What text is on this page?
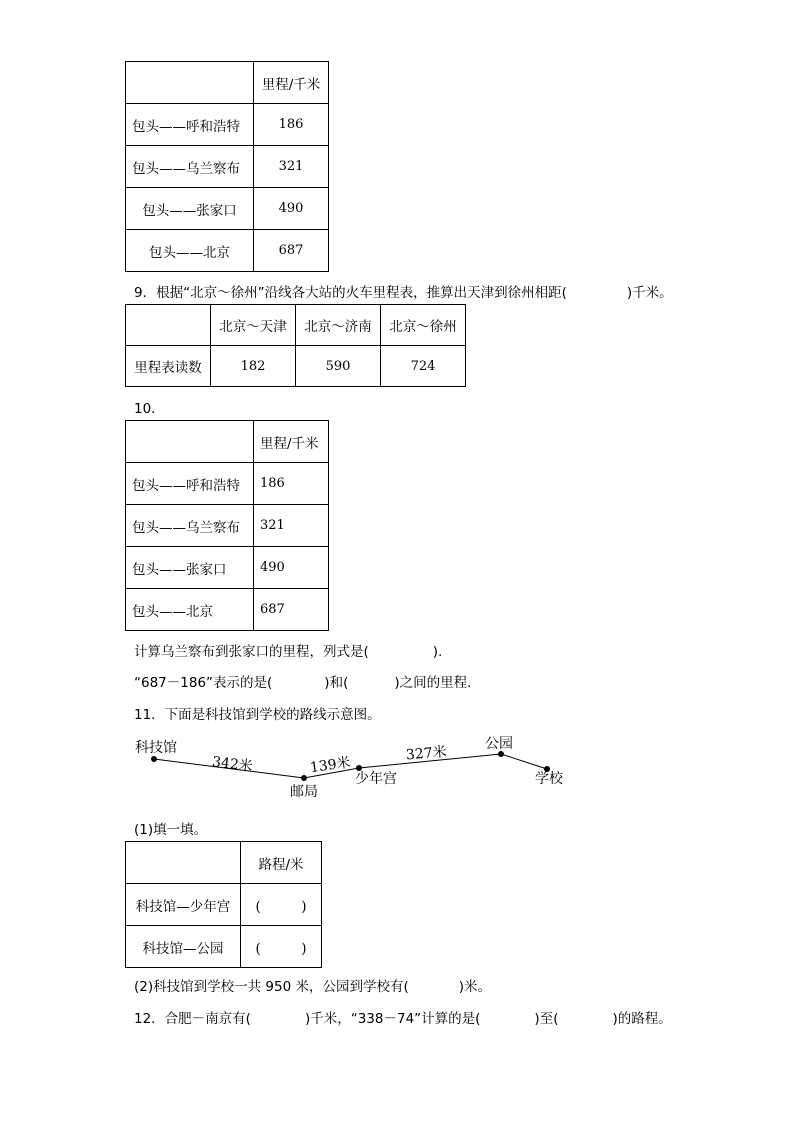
	里程/千米
包头——呼和浩特	186
包头——乌兰察布	321
包头——张家口	490
包头——北京	687
9．根据“北京～徐州”沿线各大站的火车里程表，推算出天津到徐州相距(	)千米。
	北京～天津	北京～济南	北京～徐州
里程表读数	182	590	724
10．
	里程/千米
包头——呼和浩特	186
包头——乌兰察布	321
包头——张家口	490
包头——北京	687
计算乌兰察布到张家口的里程，列式是(	).
“687－186”表示的是(	)和(	)之间的里程．
11．下面是科技馆到学校的路线示意图。
科技馆
邮局
少年宫
公园
学校
342米	139米
327米
(1)填一填。
	路程/米
科技馆—少年宫	(　　　)
科技馆—公园	(　　　)
(2)科技馆到学校一共 950 米，公园到学校有(	)米。
12．合肥－南京有(	)千米，“338－74”计算的是(	)至(	)的路程。
